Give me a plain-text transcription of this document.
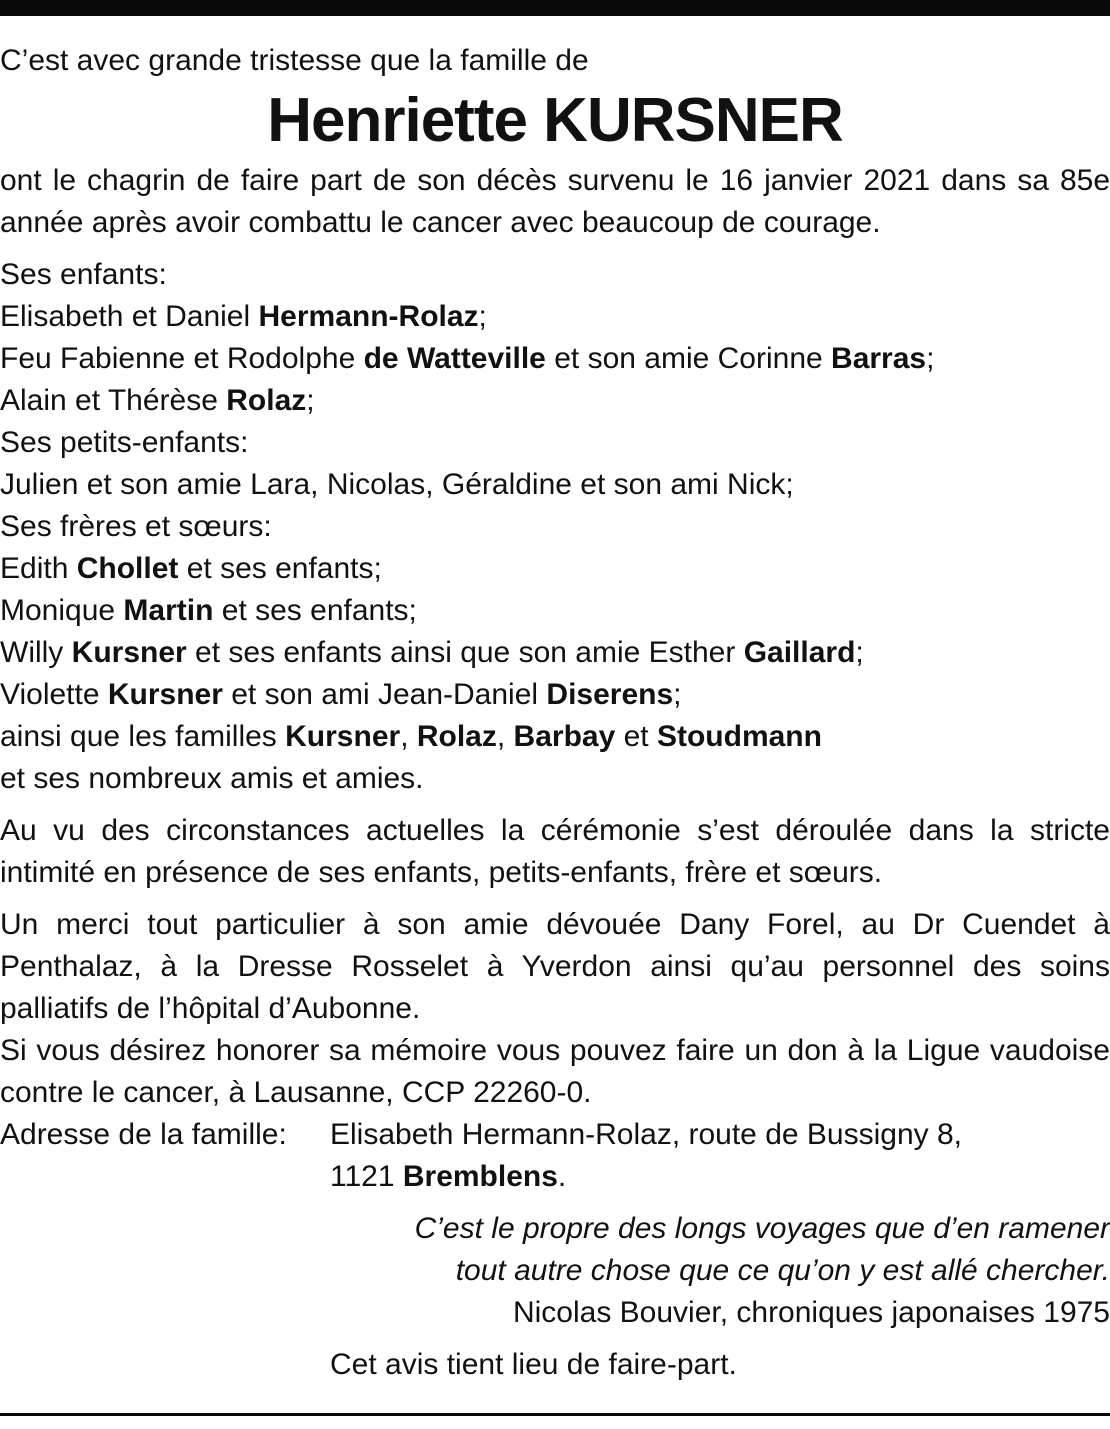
C’est avec grande tristesse que la famille de

Henriette KURSNER

ont le chagrin de faire part de son décès survenu le 16 janvier 2021 dans sa 85e année après avoir combattu le cancer avec beaucoup de courage.

Ses enfants:

Elisabeth et Daniel Hermann-Rolaz;

Feu Fabienne et Rodolphe de Watteville et son amie Corinne Barras;

Alain et Thérèse Rolaz;

Ses petits-enfants:

Julien et son amie Lara, Nicolas, Géraldine et son ami Nick;

Ses frères et sœurs:

Edith Chollet et ses enfants;

Monique Martin et ses enfants;

Willy Kursner et ses enfants ainsi que son amie Esther Gaillard;

Violette Kursner et son ami Jean-Daniel Diserens;

ainsi que les familles Kursner, Rolaz, Barbay et Stoudmann

et ses nombreux amis et amies.

Au vu des circonstances actuelles la cérémonie s’est déroulée dans la stricte intimité en présence de ses enfants, petits-enfants, frère et sœurs.

Un merci tout particulier à son amie dévouée Dany Forel, au Dr Cuendet à Penthalaz, à la Dresse Rosselet à Yverdon ainsi qu’au personnel des soins palliatifs de l’hôpital d’Aubonne.

Si vous désirez honorer sa mémoire vous pouvez faire un don à la Ligue vaudoise contre le cancer, à Lausanne, CCP 22260-0.

Adresse de la famille:	Elisabeth Hermann-Rolaz, route de Bussigny 8,
1121 Bremblens.

C’est le propre des longs voyages que d’en ramener

tout autre chose que ce qu’on y est allé chercher.

Nicolas Bouvier, chroniques japonaises 1975

Cet avis tient lieu de faire-part.
